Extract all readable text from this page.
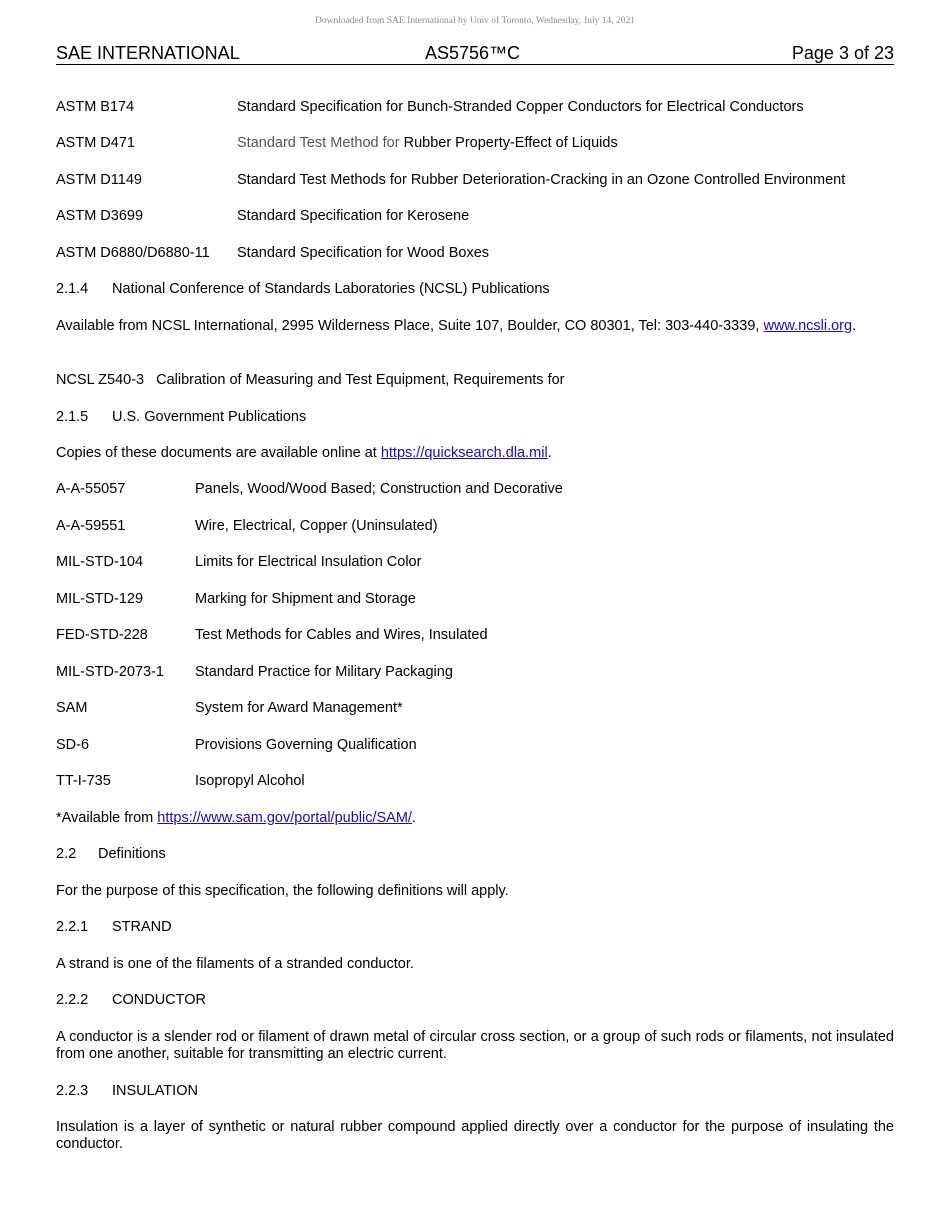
Downloaded from SAE International by Univ of Toronto, Wednesday, July 14, 2021
SAE INTERNATIONAL	AS5756™C	Page 3 of 23
ASTM B174	Standard Specification for Bunch-Stranded Copper Conductors for Electrical Conductors
ASTM D471	Standard Test Method for Rubber Property-Effect of Liquids
ASTM D1149	Standard Test Methods for Rubber Deterioration-Cracking in an Ozone Controlled Environment
ASTM D3699	Standard Specification for Kerosene
ASTM D6880/D6880-11	Standard Specification for Wood Boxes
2.1.4	National Conference of Standards Laboratories (NCSL) Publications
Available from NCSL International, 2995 Wilderness Place, Suite 107, Boulder, CO 80301, Tel: 303-440-3339, www.ncsli.org.
NCSL Z540-3 Calibration of Measuring and Test Equipment, Requirements for
2.1.5	U.S. Government Publications
Copies of these documents are available online at https://quicksearch.dla.mil.
A-A-55057	Panels, Wood/Wood Based; Construction and Decorative
A-A-59551	Wire, Electrical, Copper (Uninsulated)
MIL-STD-104	Limits for Electrical Insulation Color
MIL-STD-129	Marking for Shipment and Storage
FED-STD-228	Test Methods for Cables and Wires, Insulated
MIL-STD-2073-1	Standard Practice for Military Packaging
SAM	System for Award Management*
SD-6	Provisions Governing Qualification
TT-I-735	Isopropyl Alcohol
*Available from https://www.sam.gov/portal/public/SAM/.
2.2	Definitions
For the purpose of this specification, the following definitions will apply.
2.2.1	STRAND
A strand is one of the filaments of a stranded conductor.
2.2.2	CONDUCTOR
A conductor is a slender rod or filament of drawn metal of circular cross section, or a group of such rods or filaments, not insulated from one another, suitable for transmitting an electric current.
2.2.3	INSULATION
Insulation is a layer of synthetic or natural rubber compound applied directly over a conductor for the purpose of insulating the conductor.
